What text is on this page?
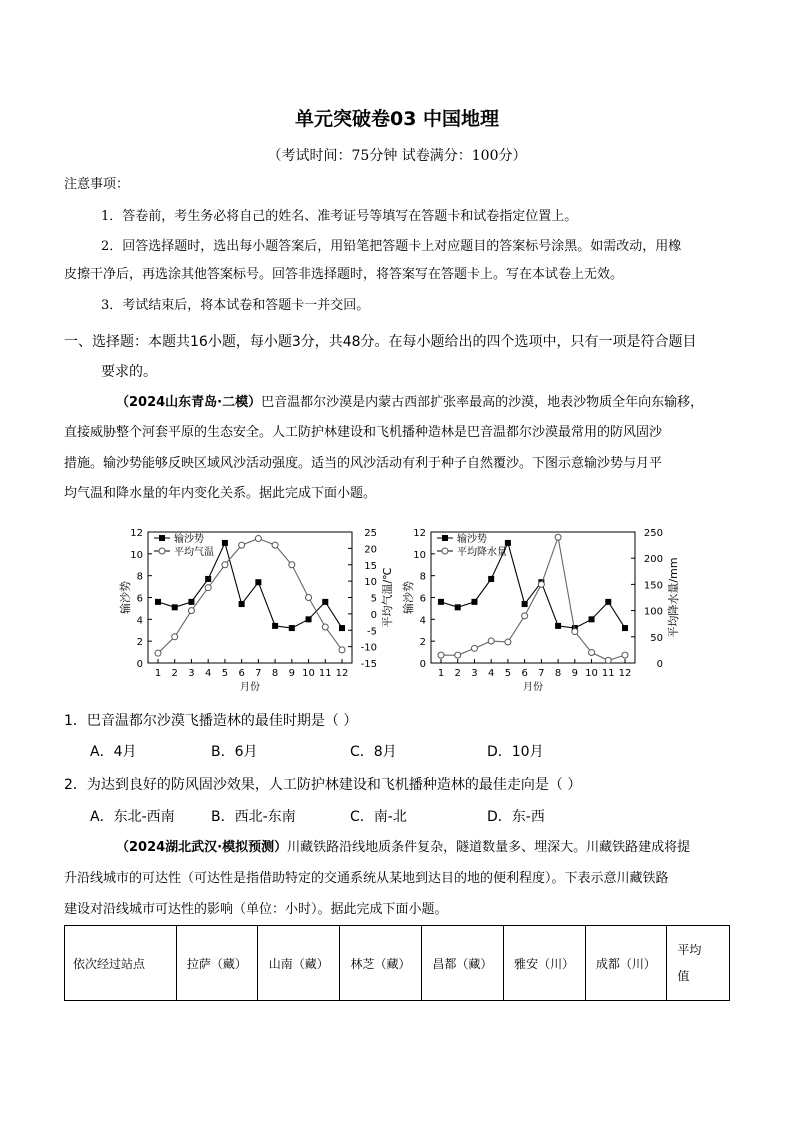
单元突破卷03 中国地理
（考试时间：75分钟 试卷满分：100分）
注意事项：
1．答卷前，考生务必将自己的姓名、准考证号等填写在答题卡和试卷指定位置上。
2．回答选择题时，选出每小题答案后，用铅笔把答题卡上对应题目的答案标号涂黑。如需改动，用橡
皮擦干净后，再选涂其他答案标号。回答非选择题时，将答案写在答题卡上。写在本试卷上无效。
3．考试结束后，将本试卷和答题卡一并交回。
一、选择题：本题共16小题，每小题3分，共48分。在每小题给出的四个选项中，只有一项是符合题目
要求的。
（2024山东青岛·二模）巴音温都尔沙漠是内蒙古西部扩张率最高的沙漠，地表沙物质全年向东输移，
直接威胁整个河套平原的生态安全。人工防护林建设和飞机播种造林是巴音温都尔沙漠最常用的防风固沙
措施。输沙势能够反映区域风沙活动强度。适当的风沙活动有利于种子自然覆沙。下图示意输沙势与月平
均气温和降水量的年内变化关系。据此完成下面小题。
0
2
4
6
8
10
12
-15
-10
-5
0
5
10
15
20
25
1 2 3 4 5 6 7 8 9 10 11 12
月份
输沙势	平均气温/℃
输沙势
平均气温
0
2
4
6
8
10
12
0
50
100
150
200
250
1 2 3 4 5 6 7 8 9 10 11 12
月份
输沙势	平均降水量/mm
输沙势
平均降水量
1．巴音温都尔沙漠飞播造林的最佳时期是（ ）
A．4月	B．6月	C．8月	D．10月
2．为达到良好的防风固沙效果，人工防护林建设和飞机播种造林的最佳走向是（ ）
A．东北-西南	B．西北-东南	C．南-北	D．东-西
（2024湖北武汉·模拟预测）川藏铁路沿线地质条件复杂，隧道数量多、埋深大。川藏铁路建成将提
升沿线城市的可达性（可达性是指借助特定的交通系统从某地到达目的地的便利程度）。下表示意川藏铁路
建设对沿线城市可达性的影响（单位：小时）。据此完成下面小题。
依次经过站点	拉萨（藏）	山南（藏）	林芝（藏）	昌都（藏）	雅安（川）	成都（川）	
平均
值
